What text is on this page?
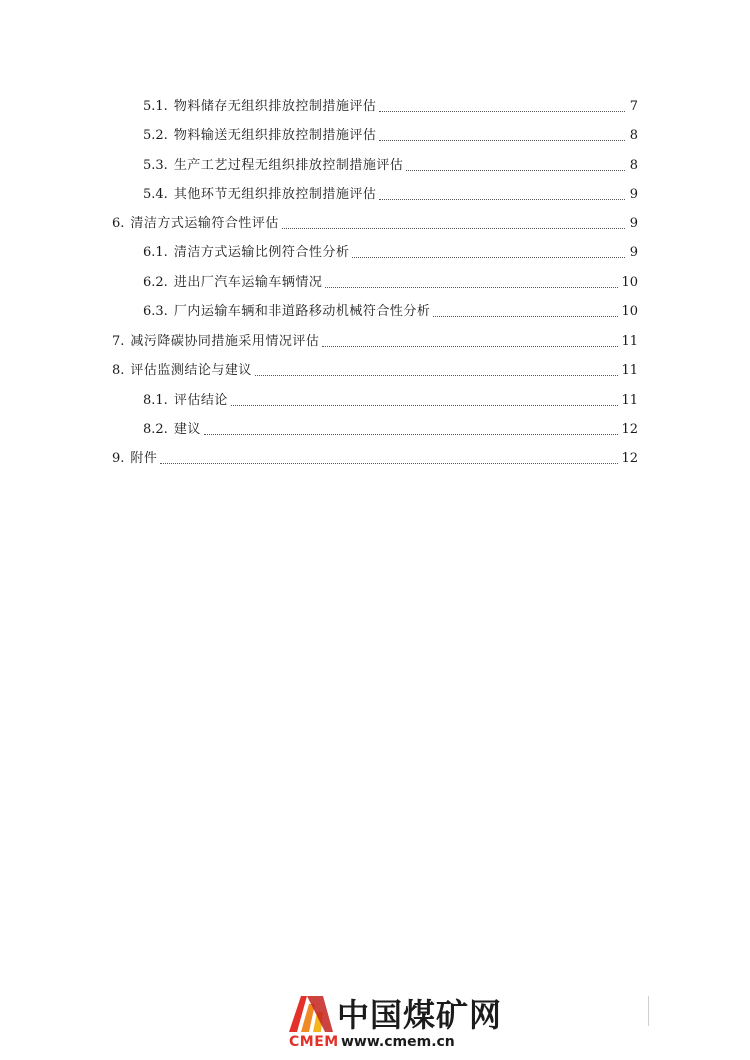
5.1. 物料储存无组织排放控制措施评估	7
5.2. 物料输送无组织排放控制措施评估	8
5.3. 生产工艺过程无组织排放控制措施评估	8
5.4. 其他环节无组织排放控制措施评估	9
6. 清洁方式运输符合性评估	9
6.1. 清洁方式运输比例符合性分析	9
6.2. 进出厂汽车运输车辆情况	10
6.3. 厂内运输车辆和非道路移动机械符合性分析	10
7. 减污降碳协同措施采用情况评估	11
8. 评估监测结论与建议	11
8.1. 评估结论	11
8.2. 建议	12
9. 附件	12
中国煤矿网
CMEM www.cmem.cn
